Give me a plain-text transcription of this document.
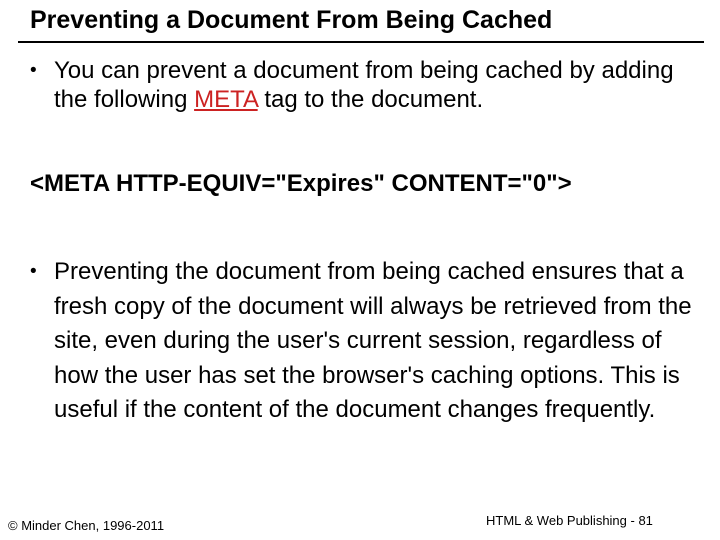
Preventing a Document From Being Cached
• You can prevent a document from being cached by adding the following META tag to the document.
<META HTTP-EQUIV="Expires" CONTENT="0">
• Preventing the document from being cached ensures that a fresh copy of the document will always be retrieved from the site, even during the user's current session, regardless of how the user has set the browser's caching options. This is useful if the content of the document changes frequently.
© Minder Chen, 1996-2011	HTML & Web Publishing - 81
